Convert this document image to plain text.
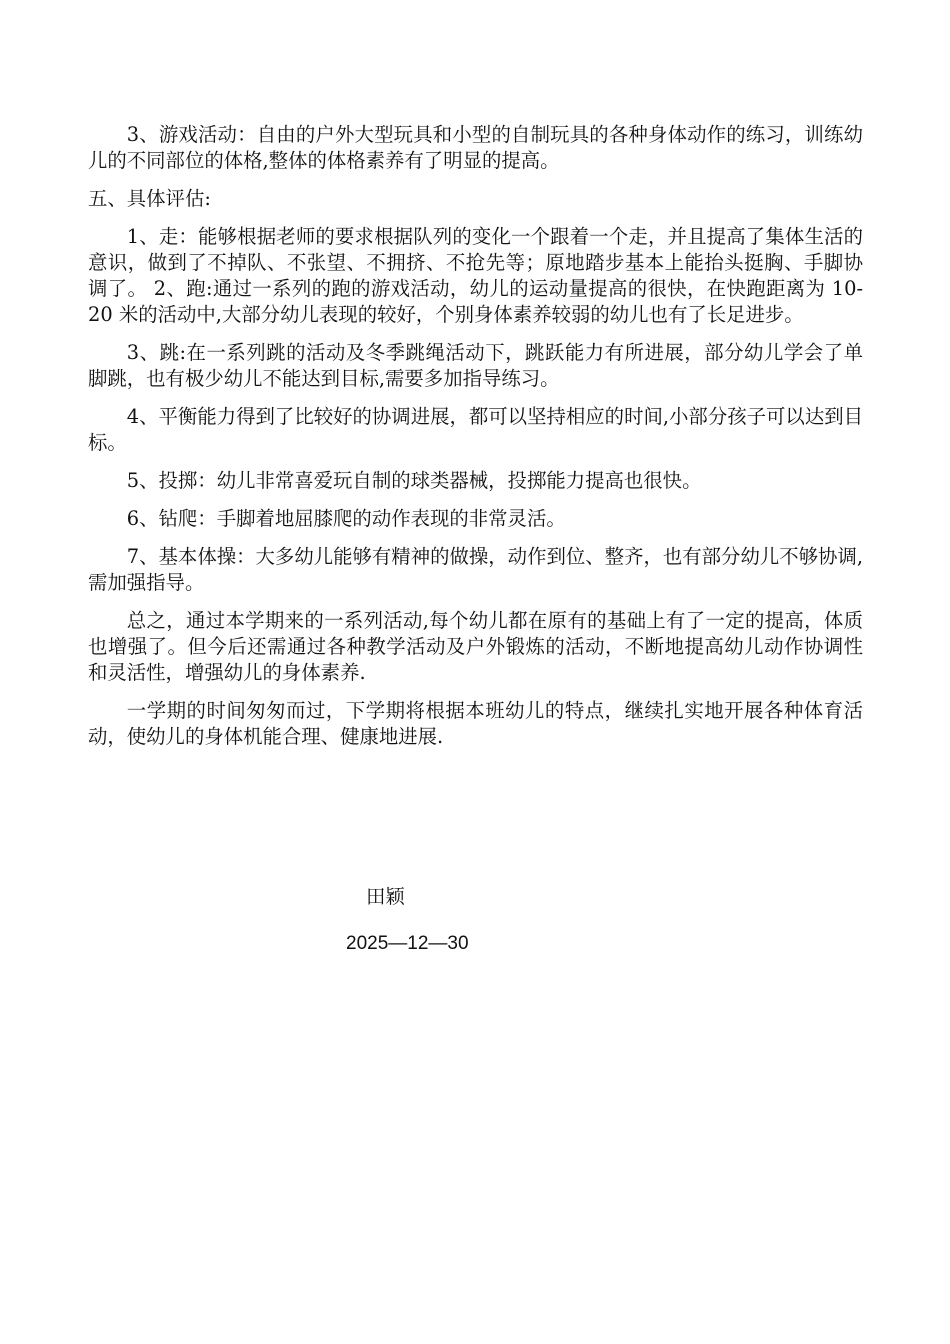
3、游戏活动：自由的户外大型玩具和小型的自制玩具的各种身体动作的练习，训练幼儿的不同部位的体格,整体的体格素养有了明显的提高。

五、具体评估:

1、走：能够根据老师的要求根据队列的变化一个跟着一个走，并且提高了集体生活的意识，做到了不掉队、不张望、不拥挤、不抢先等；原地踏步基本上能抬头挺胸、手脚协调了。 2、跑:通过一系列的跑的游戏活动，幼儿的运动量提高的很快，在快跑距离为 10- 20 米的活动中,大部分幼儿表现的较好，个别身体素养较弱的幼儿也有了长足进步。

3、跳:在一系列跳的活动及冬季跳绳活动下，跳跃能力有所进展，部分幼儿学会了单脚跳，也有极少幼儿不能达到目标,需要多加指导练习。

4、平衡能力得到了比较好的协调进展，都可以坚持相应的时间,小部分孩子可以达到目标。

5、投掷：幼儿非常喜爱玩自制的球类器械，投掷能力提高也很快。

6、钻爬：手脚着地屈膝爬的动作表现的非常灵活。

7、基本体操：大多幼儿能够有精神的做操，动作到位、整齐，也有部分幼儿不够协调,需加强指导。

总之，通过本学期来的一系列活动,每个幼儿都在原有的基础上有了一定的提高，体质也增强了。但今后还需通过各种教学活动及户外锻炼的活动，不断地提高幼儿动作协调性和灵活性，增强幼儿的身体素养.

一学期的时间匆匆而过，下学期将根据本班幼儿的特点，继续扎实地开展各种体育活动，使幼儿的身体机能合理、健康地进展.

田颖

2025—12—30
